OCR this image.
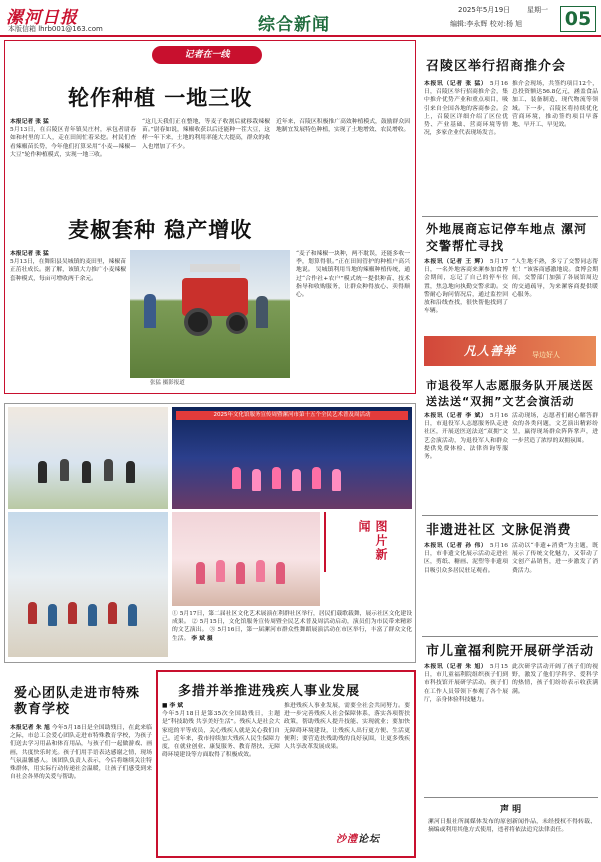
漯河日报
本版信箱 lhrb001@163.com	综合新闻
2025年5月19日 星期一
编辑:李永辉 校对:杨 旭 05
记者在一线
轮作种植 一地三收
本报记者 张 猛
5月13日，在召陵区青年镇吴庄村，承包者尉春如和村里的工人，走在田间忙着采挖。村民们查看辣椒苗长势，今年他们打算采用“小麦—辣椒—大豆”轮作种植模式，实现一地三收。
“这几天我们正在整地，等麦子收割后就移栽辣椒苗。”尉春如说，辣椒收获以后还能种一茬大豆，这样一年下来，土地的利用率能大大提高，群众的收入也增加了不少。
近年来，召陵区积极推广高效种植模式，鼓励群众因地制宜发展特色种植，实现了土地增效、农民增收。
麦椒套种 稳产增收
本报记者 张 猛
5月13日，在舞阳县吴城镇的麦田里，辣椒苗正茁壮成长。据了解，该镇大力推广小麦辣椒套种模式，每亩可增收两千余元。
张猛 摄影报道
“麦子和辣椒一块种，两不耽误，还能多收一季，划算得很。”正在田间管护的种植户高兴地说。 吴城镇利用当地的辣椒种植传统，通过“合作社+农户”模式统一提供种苗、技术指导和收购服务，让群众种得放心、卖得顺心。
2025年文化馆服务宣传周暨漯河市第十五个全民艺术普及周活动
图片新闻
① 5月17日，第二届社区文化艺术展演在利群社区举行，居民们载歌载舞，展示社区文化建设成果。 ② 5月15日，文化馆服务宣传周暨全民艺术普及周活动启动，演员们为市民带来精彩的文艺演出。 ③ 5月16日，第一届漯河市群众性舞蹈展演活动在市区举行，丰富了群众文化生活。 李 斌 摄
爱心团队走进市特殊教育学校
本报记者 朱 旭 今年5月18日是全国助残日，在此来临之际，市总工会爱心团队走进市特殊教育学校，为孩子们送去学习用品和体育用品，与孩子们一起做游戏、画画，共度快乐时光。孩子们用手语表达感谢之情，现场气氛温馨感人。该团队负责人表示，今后将继续关注特殊群体，用实际行动传递社会温暖，让孩子们感受到来自社会各界的关爱与帮助。
多措并举推进残疾人事业发展
■ 李 斌
今年5月18日是第35次全国助残日，主题是“科技助残 共享美好生活”。残疾人是社会大家庭的平等成员，关心残疾人就是关心我们自己。近年来，我市持续加大残疾人民生保障力度，在就业创业、康复服务、教育帮扶、无障碍环境建设等方面取得了积极成效。
推进残疾人事业发展，需要全社会共同努力。要进一步完善残疾人社会保障体系，落实各项帮扶政策，帮助残疾人提升技能、实现就业；要加快无障碍环境建设，让残疾人出行更方便、生活更便利；要营造扶残助残的良好氛围，让更多残疾人共享改革发展成果。
沙澧论坛
召陵区举行招商推介会
本报讯（记者 张 猛） 5月16日，召陵区举行招商推介会，集中推介优势产业和重点项目，吸引来自全国各地的客商参会。会上，召陵区详细介绍了区位优势、产业基础、营商环境等情况，多家企业代表现场发言。
推介会现场，共签约项目12个，总投资额达56.8亿元，涵盖食品加工、装备制造、现代物流等领域。下一步，召陵区将持续优化营商环境，推动签约项目早落地、早开工、早见效。
外地展商忘记停车地点 漯河交警帮忙寻找
本报讯（记者 王 辉） 5月17日，一名外地客商来漯参加食博会期间，忘记了自己的停车位置，焦急地向执勤交警求助。交警耐心询问情况后，通过监控回放和沿线查找，很快帮他找到了车辆。
“人生地不熟，多亏了交警同志帮忙！”该客商感激地说。食博会期间，交警部门加强了各展馆周边的交通疏导，为来漯客商提供暖心服务。
凡人善举 导边好人
市退役军人志愿服务队开展送医送法送“双拥”文艺会演活动
本报讯（记者 李 斌） 5月16日，市退役军人志愿服务队走进社区，开展送医送法送“双拥”文艺会演活动，为退役军人和群众提供免费体检、法律咨询等服务。
活动现场，志愿者们耐心解答群众的各类问题，文艺演出精彩纷呈，赢得现场群众阵阵掌声，进一步营造了浓厚的双拥氛围。
非遗进社区 文脉促消费
本报讯（记者 孙 伟） 5月16日，市非遗文化展示活动走进社区，剪纸、糖画、泥塑等非遗项目吸引众多居民驻足观看。
活动以“非遗+消费”为主题，既展示了传统文化魅力，又带动了文创产品销售，进一步激发了消费活力。
市儿童福利院开展研学活动
本报讯（记者 朱 旭） 5月15日，市儿童福利院组织孩子们到市科技馆开展研学活动。孩子们在工作人员带领下参观了各个展厅，亲身体验科技魅力。
此次研学活动开阔了孩子们的视野，激发了他们学科学、爱科学的热情，孩子们纷纷表示收获满满。
声 明
漯河日报社所属媒体发布的原创新闻作品，未经授权不得转载、摘编或利用其他方式使用，违者将依法追究法律责任。
